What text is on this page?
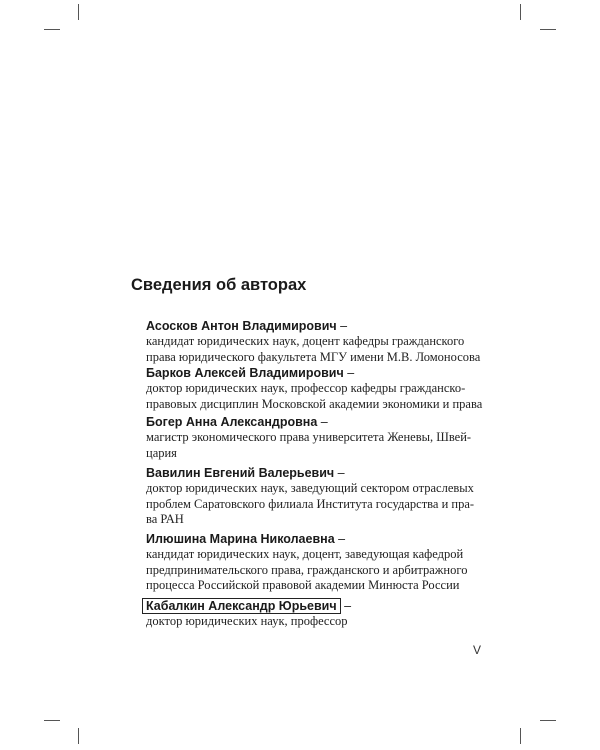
Сведения об авторах
Асосков Антон Владимирович –
кандидат юридических наук, доцент кафедры гражданского
права юридического факультета МГУ имени М.В. Ломоносова
Барков Алексей Владимирович –
доктор юридических наук, профессор кафедры гражданско-
правовых дисциплин Московской академии экономики и права
Богер Анна Александровна –
магистр экономического права университета Женевы, Швей-
цария
Вавилин Евгений Валерьевич –
доктор юридических наук, заведующий сектором отраслевых
проблем Саратовского филиала Института государства и пра-
ва РАН
Илюшина Марина Николаевна –
кандидат юридических наук, доцент, заведующая кафедрой
предпринимательского права, гражданского и арбитражного
процесса Российской правовой академии Минюста России
Кабалкин Александр Юрьевич –
доктор юридических наук, профессор
V
